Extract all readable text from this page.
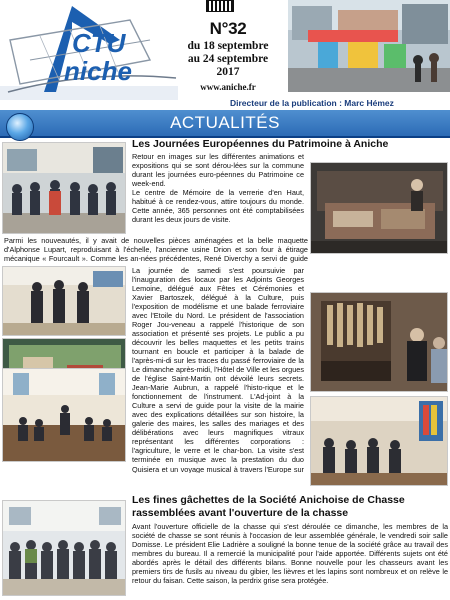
CTU
niche
N°32
du 18 septembre
au 24 septembre
2017
www.aniche.fr
Directeur de la publication : Marc Hémez
ACTUALITÉS
Les Journées Européennes du Patrimoine à Aniche
Retour en images sur les différentes animations et expositions qui se sont dérou-lées sur la commune durant les journées euro-péennes du Patrimoine ce week-end.
Le centre de Mémoire de la verrerie d'en Haut, habitué à ce rendez-vous, attire toujours du monde. Cette année, 365 personnes ont été comptabilisées durant les deux jours de visite.
Parmi les nouveautés, il y avait de nouvelles pièces aménagées et la belle maquette d'Alphonse Lupart, reproduisant à l'échelle, l'ancienne usine Drion et son four à étirage mécanique « Fourcault ». Comme les an-nées précédentes, René Diverchy a servi de guide
La journée de samedi s'est poursuivie par l'inauguration des locaux par les Adjoints Georges Lemoine, délégué aux Fêtes et Cérémonies et Xavier Bartoszek, délégué à la Culture, puis l'exposition de modélisme et une balade ferroviaire avec l'Etoile du Nord. Le président de l'association Roger Jou-veneau a rappelé l'historique de son association et présenté ses projets. Le public a pu découvrir les belles maquettes et les petits trains tournant en boucle et participer à la balade de l'après-mi-di sur les traces du passé ferroviaire de la
Le dimanche après-midi, l'Hôtel de Ville et les orgues de l'église Saint-Martin ont dévoilé leurs secrets. Jean-Marie Aubrun, a rappelé l'histo-rique et le fonctionnement de l'instrument. L'Ad-joint à la Culture a servi de guide pour la visite de la mairie avec des explications détaillées sur son histoire, la galerie des maires, les salles des mariages et des délibérations avec leurs magnifiques vitraux représentant les différentes corporations : l'agriculture, le verre et le char-bon. La visite s'est terminée en musique avec la prestation du duo Quisiera et un voyage musical à travers l'Europe sur
Les fines gâchettes de la Société Anichoise de Chasse rassemblées avant l'ouverture de la chasse
Avant l'ouverture officielle de la chasse qui s'est déroulée ce dimanche, les membres de la société de chasse se sont réunis à l'occasion de leur assemblée générale, le vendredi soir salle Domisse. Le président Elie Ladrière a souligné la bonne tenue de la société grâce au travail des membres du bureau. Il a remercié la municipalité pour l'aide apportée. Différents sujets ont été abordés après le détail des différents bilans. Bonne nouvelle pour les chasseurs avant les premiers tirs de fusils au niveau du gibier, les lièvres et les lapins sont nombreux et on relève le retour du faisan. Cette saison, la perdrix grise sera protégée.
